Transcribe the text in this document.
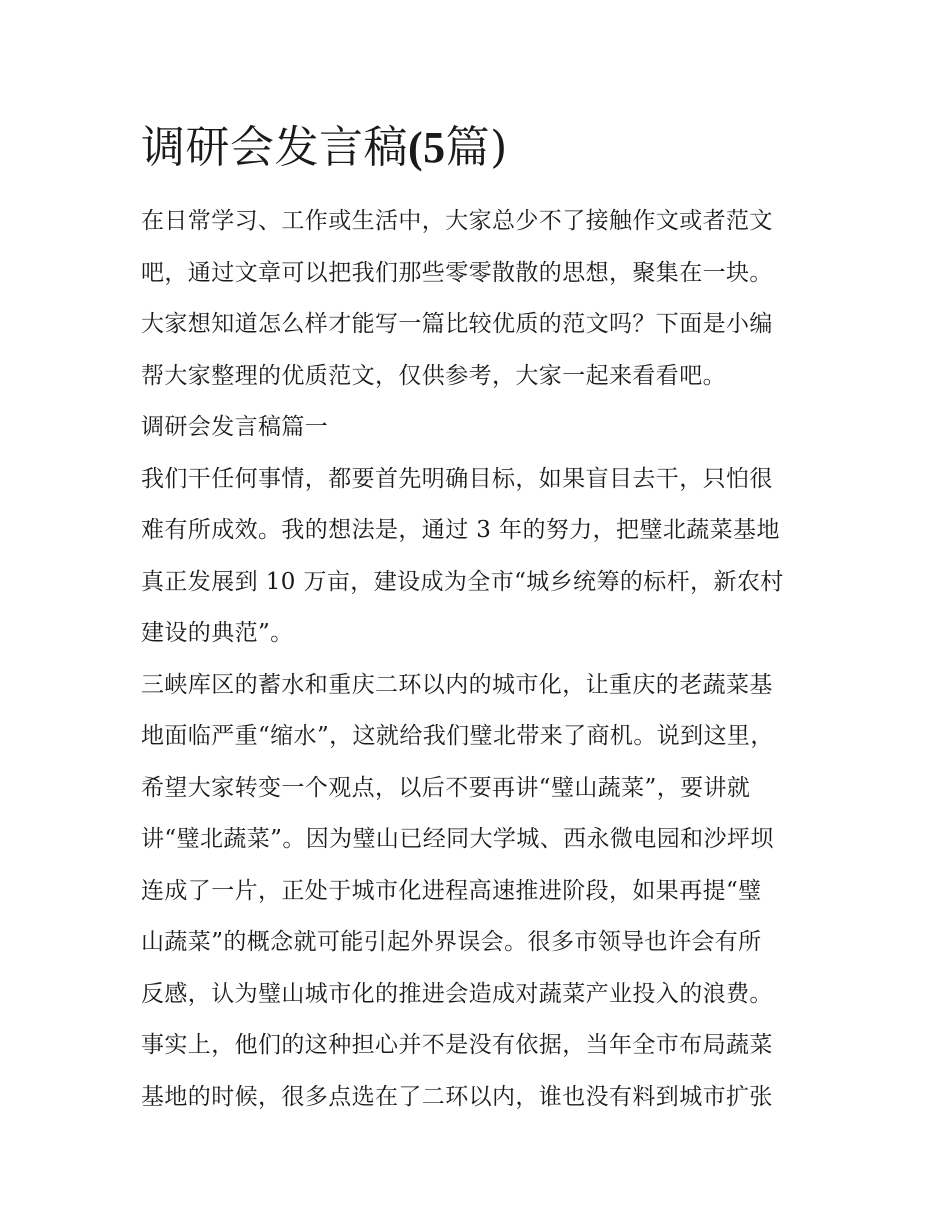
调研会发言稿(5篇)
在日常学习、工作或生活中，大家总少不了接触作文或者范文
吧，通过文章可以把我们那些零零散散的思想，聚集在一块。
大家想知道怎么样才能写一篇比较优质的范文吗？下面是小编
帮大家整理的优质范文，仅供参考，大家一起来看看吧。
调研会发言稿篇一
我们干任何事情，都要首先明确目标，如果盲目去干，只怕很
难有所成效。我的想法是，通过 3 年的努力，把璧北蔬菜基地
真正发展到 10 万亩，建设成为全市“城乡统筹的标杆，新农村
建设的典范”。
三峡库区的蓄水和重庆二环以内的城市化，让重庆的老蔬菜基
地面临严重“缩水”，这就给我们璧北带来了商机。说到这里，
希望大家转变一个观点，以后不要再讲“璧山蔬菜”，要讲就
讲“璧北蔬菜”。因为璧山已经同大学城、西永微电园和沙坪坝
连成了一片，正处于城市化进程高速推进阶段，如果再提“璧
山蔬菜”的概念就可能引起外界误会。很多市领导也许会有所
反感，认为璧山城市化的推进会造成对蔬菜产业投入的浪费。
事实上，他们的这种担心并不是没有依据，当年全市布局蔬菜
基地的时候，很多点选在了二环以内，谁也没有料到城市扩张
